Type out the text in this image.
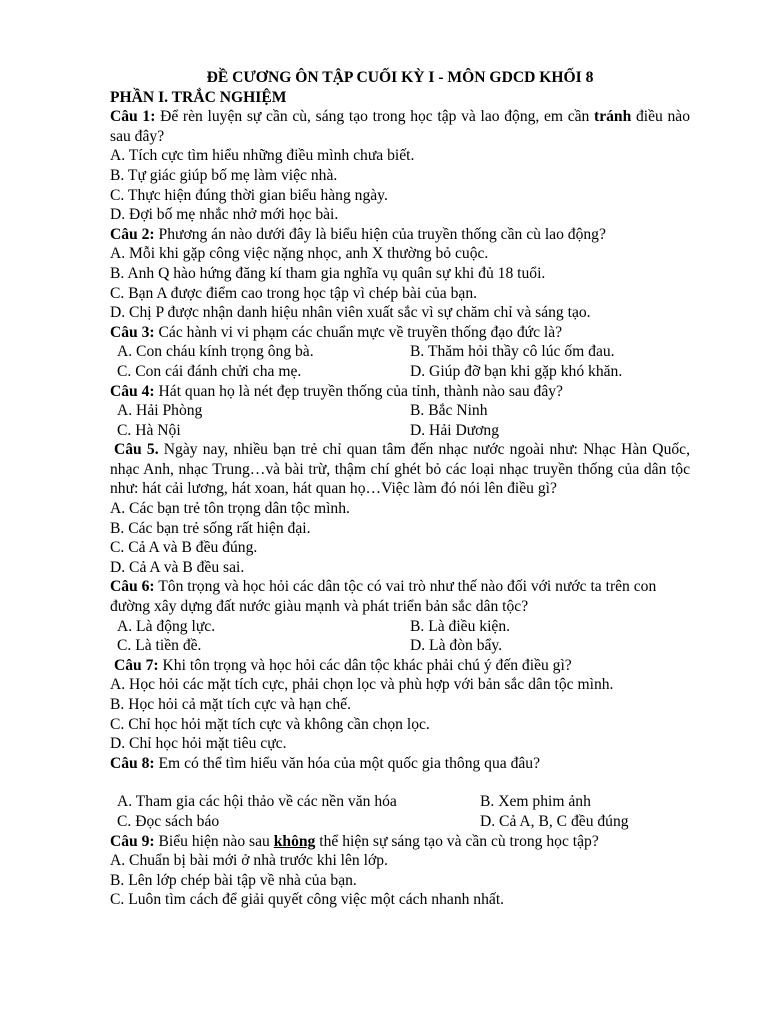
ĐỀ CƯƠNG ÔN TẬP CUỐI KỲ I - MÔN GDCD KHỐI 8
PHẦN I. TRẮC NGHIỆM
Câu 1: Để rèn luyện sự cần cù, sáng tạo trong học tập và lao động, em cần tránh điều nào sau đây?
A. Tích cực tìm hiểu những điều mình chưa biết.
B. Tự giác giúp bố mẹ làm việc nhà.
C. Thực hiện đúng thời gian biểu hàng ngày.
D. Đợi bố mẹ nhắc nhở mới học bài.
Câu 2: Phương án nào dưới đây là biểu hiện của truyền thống cần cù lao động?
A. Mỗi khi gặp công việc nặng nhọc, anh X thường bỏ cuộc.
B. Anh Q hào hứng đăng kí tham gia nghĩa vụ quân sự khi đủ 18 tuổi.
C. Bạn A được điểm cao trong học tập vì chép bài của bạn.
D. Chị P được nhận danh hiệu nhân viên xuất sắc vì sự chăm chỉ và sáng tạo.
Câu 3: Các hành vi vi phạm các chuẩn mực về truyền thống đạo đức là?
A. Con cháu kính trọng ông bà.	B. Thăm hỏi thầy cô lúc ốm đau.
C. Con cái đánh chửi cha mẹ.	D. Giúp đỡ bạn khi gặp khó khăn.
Câu 4: Hát quan họ là nét đẹp truyền thống của tỉnh, thành nào sau đây?
A. Hải Phòng	B. Bắc Ninh
C. Hà Nội	D. Hải Dương
Câu 5. Ngày nay, nhiều bạn trẻ chỉ quan tâm đến nhạc nước ngoài như: Nhạc Hàn Quốc, nhạc Anh, nhạc Trung…và bài trừ, thậm chí ghét bỏ các loại nhạc truyền thống của dân tộc như: hát cải lương, hát xoan, hát quan họ…Việc làm đó nói lên điều gì?
A. Các bạn trẻ tôn trọng dân tộc mình.
B. Các bạn trẻ sống rất hiện đại.
C. Cả A và B đều đúng.
D. Cả A và B đều sai.
Câu 6: Tôn trọng và học hỏi các dân tộc có vai trò như thế nào đối với nước ta trên con đường xây dựng đất nước giàu mạnh và phát triển bản sắc dân tộc?
A. Là động lực.	B. Là điều kiện.
C. Là tiền đề.	D. Là đòn bẩy.
Câu 7: Khi tôn trọng và học hỏi các dân tộc khác phải chú ý đến điều gì?
A. Học hỏi các mặt tích cực, phải chọn lọc và phù hợp với bản sắc dân tộc mình.
B. Học hỏi cả mặt tích cực và hạn chế.
C. Chỉ học hỏi mặt tích cực và không cần chọn lọc.
D. Chỉ học hỏi mặt tiêu cực.
Câu 8: Em có thể tìm hiểu văn hóa của một quốc gia thông qua đâu?
A. Tham gia các hội thảo về các nền văn hóa	B. Xem phim ảnh
C. Đọc sách báo	D. Cả A, B, C đều đúng
Câu 9: Biểu hiện nào sau không thể hiện sự sáng tạo và cần cù trong học tập?
A. Chuẩn bị bài mới ở nhà trước khi lên lớp.
B. Lên lớp chép bài tập về nhà của bạn.
C. Luôn tìm cách để giải quyết công việc một cách nhanh nhất.
